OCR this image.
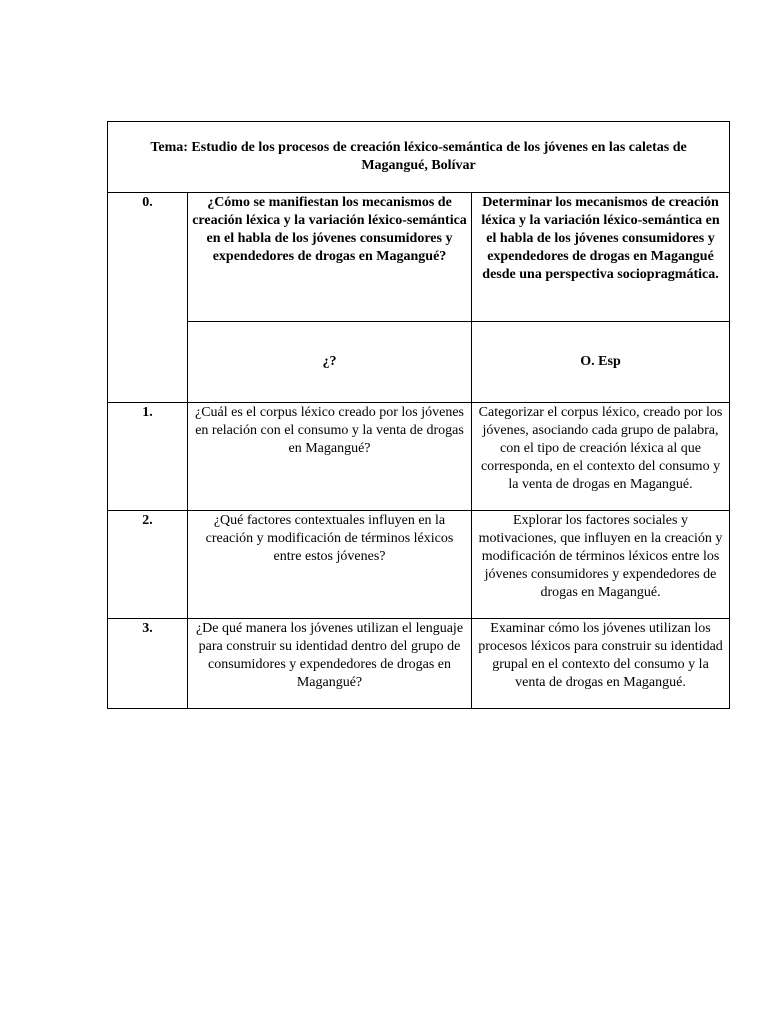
Tema: Estudio de los procesos de creación léxico-semántica de los jóvenes en las caletas de Magangué, Bolívar		
0.	¿Cómo se manifiestan los mecanismos de creación léxica y la variación léxico-semántica en el habla de los jóvenes consumidores y expendedores de drogas en Magangué?	Determinar los mecanismos de creación léxica y la variación léxico-semántica en el habla de los jóvenes consumidores y expendedores de drogas en Magangué desde una perspectiva sociopragmática.
	¿?	O. Esp
1.	¿Cuál es el corpus léxico creado por los jóvenes en relación con el consumo y la venta de drogas en Magangué?	Categorizar el corpus léxico, creado por los jóvenes, asociando cada grupo de palabra, con el tipo de creación léxica al que corresponda, en el contexto del consumo y la venta de drogas en Magangué.
2.	¿Qué factores contextuales influyen en la creación y modificación de términos léxicos entre estos jóvenes?	Explorar los factores sociales y motivaciones, que influyen en la creación y modificación de términos léxicos entre los jóvenes consumidores y expendedores de drogas en Magangué.
3.	¿De qué manera los jóvenes utilizan el lenguaje para construir su identidad dentro del grupo de consumidores y expendedores de drogas en Magangué?	Examinar cómo los jóvenes utilizan los procesos léxicos para construir su identidad grupal en el contexto del consumo y la venta de drogas en Magangué.
